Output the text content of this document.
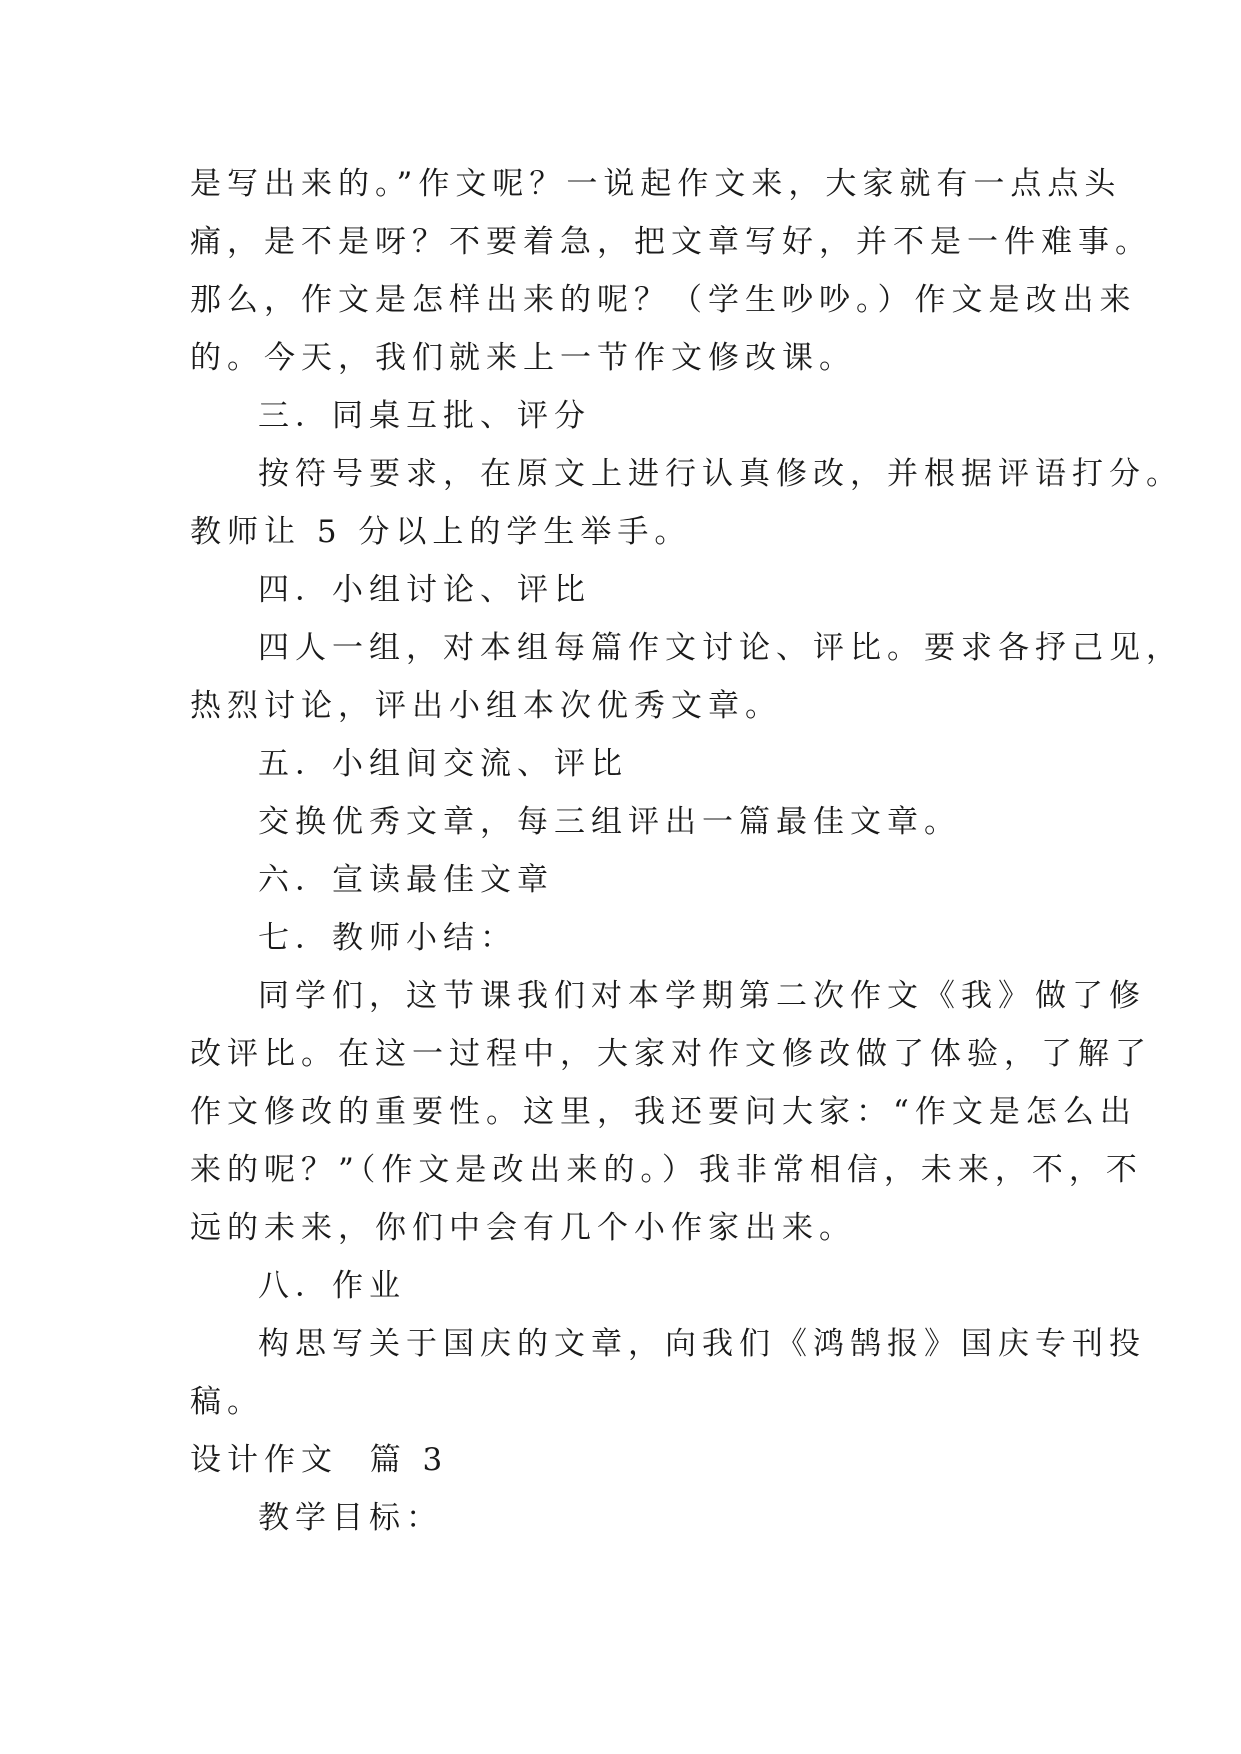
是写出来的。”作文呢？一说起作文来，大家就有一点点头
痛，是不是呀？不要着急，把文章写好，并不是一件难事。
那么，作文是怎样出来的呢？（学生吵吵。）作文是改出来
的。今天，我们就来上一节作文修改课。

三．同桌互批、评分

按符号要求，在原文上进行认真修改，并根据评语打分。
教师让 5 分以上的学生举手。

四．小组讨论、评比

四人一组，对本组每篇作文讨论、评比。要求各抒己见，
热烈讨论，评出小组本次优秀文章。

五．小组间交流、评比

交换优秀文章，每三组评出一篇最佳文章。

六．宣读最佳文章

七．教师小结：

同学们，这节课我们对本学期第二次作文《我》做了修
改评比。在这一过程中，大家对作文修改做了体验，了解了
作文修改的重要性。这里，我还要问大家：“作文是怎么出
来的呢？”（作文是改出来的。）我非常相信，未来，不，不
远的未来，你们中会有几个小作家出来。

八．作业

构思写关于国庆的文章，向我们《鸿鹄报》国庆专刊投
稿。

设计作文  篇 3

教学目标：
